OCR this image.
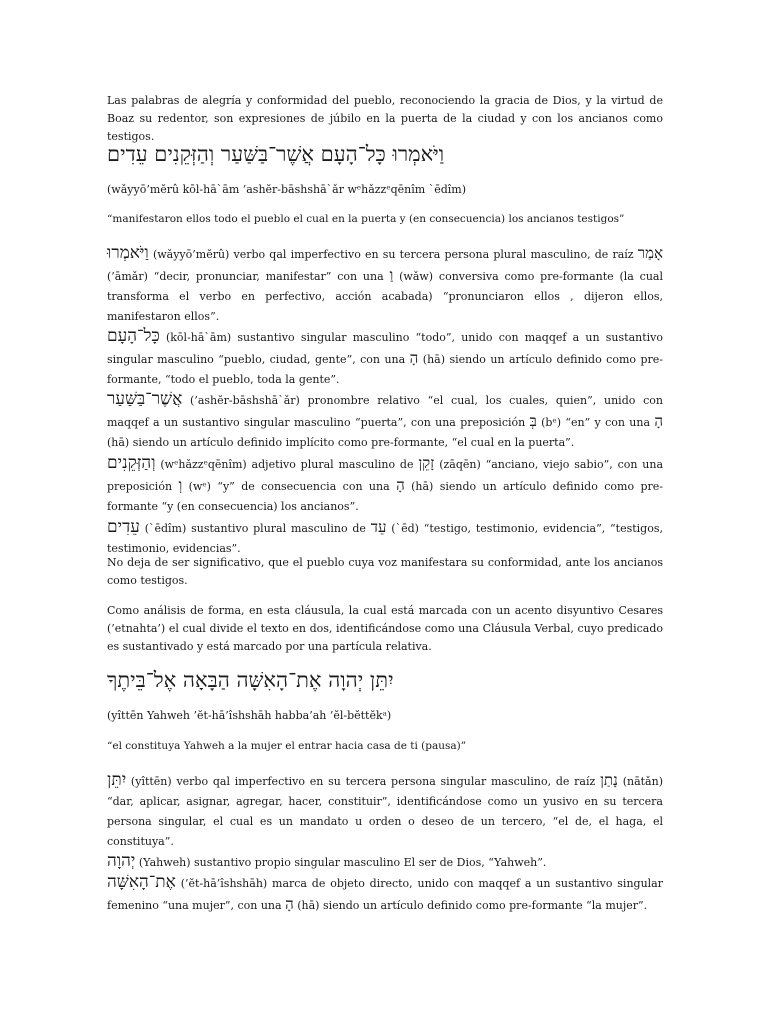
Las palabras de alegría y conformidad del pueblo, reconociendo la gracia de Dios, y la virtud de Boaz su redentor, son expresiones de júbilo en la puerta de la ciudad y con los ancianos como testigos.

וַיֹּאמְרוּ כָּל־הָעָם אֲשֶׁר־בַּשַּׁעַר וְהַזְּקֵנִים עֵדִים

(wǎyyō’mĕrû kōl-hā`ām ’ashĕr-bāshshā`ǎr wᵉhǎzzᵉqēnîm `ēdîm)

“manifestaron ellos todo el pueblo el cual en la puerta y (en consecuencia) los ancianos testigos”

וַיֹּאמְרוּ (wǎyyō’mĕrû) verbo qal imperfectivo en su tercera persona plural masculino, de raíz אָמַר (’āmǎr) “decir, pronunciar, manifestar” con una וַ (wǎw) conversiva como pre-formante (la cual transforma el verbo en perfectivo, acción acabada) “pronunciaron ellos , dijeron ellos, manifestaron ellos”.

כָּל־הָעָם (kōl-hā`ām) sustantivo singular masculino “todo”, unido con maqqef a un sustantivo singular masculino “pueblo, ciudad, gente”, con una הָ (hā) siendo un artículo definido como pre-formante, “todo el pueblo, toda la gente”.

אֲשֶׁר־בַּשַּׁעַר (’ashĕr-bāshshā`ǎr) pronombre relativo “el cual, los cuales, quien”, unido con maqqef a un sustantivo singular masculino “puerta”, con una preposición בְּ (bᵉ) “en” y con una הָ (hā) siendo un artículo definido implícito como pre-formante, “el cual en la puerta”.

וְהַזְּקֵנִים (wᵉhǎzzᵉqēnîm) adjetivo plural masculino de זָקֵן (zāqēn) “anciano, viejo sabio”, con una preposición וְ (wᵉ) “y” de consecuencia con una הָ (hā) siendo un artículo definido como pre-formante “y (en consecuencia) los ancianos”.

עֵדִים (`ēdîm) sustantivo plural masculino de עֵד (`ēd) “testigo, testimonio, evidencia”, “testigos, testimonio, evidencias”.

No deja de ser significativo, que el pueblo cuya voz manifestara su conformidad, ante los ancianos como testigos.

Como análisis de forma, en esta cláusula, la cual está marcada con un acento disyuntivo Cesares (’etnahta’) el cual divide el texto en dos, identificándose como una Cláusula Verbal, cuyo predicado es sustantivado y está marcado por una partícula relativa.

יִתֵּן יְהוָה אֶת־הָאִשָּׁה הַבָּאָה אֶל־בֵּיתֶךָ

(yîttēn Yahweh ’ĕt-hā’îshshāh habba’ah ’ĕl-bĕttĕkᵃ)

“el constituya Yahweh a la mujer el entrar hacia casa de ti (pausa)”

יִתֵּן (yîttēn) verbo qal imperfectivo en su tercera persona singular masculino, de raíz נָתַן (nātǎn) “dar, aplicar, asignar, agregar, hacer, constituir”, identificándose como un yusivo en su tercera persona singular, el cual es un mandato u orden o deseo de un tercero, “el de, el haga, el constituya”.

יְהוָה (Yahweh) sustantivo propio singular masculino El ser de Dios, “Yahweh”.

אֶת־הָאִשָּׁה (’ĕt-hā’îshshāh) marca de objeto directo, unido con maqqef a un sustantivo singular femenino “una mujer”, con una הָ (hā) siendo un artículo definido como pre-formante “la mujer”.
